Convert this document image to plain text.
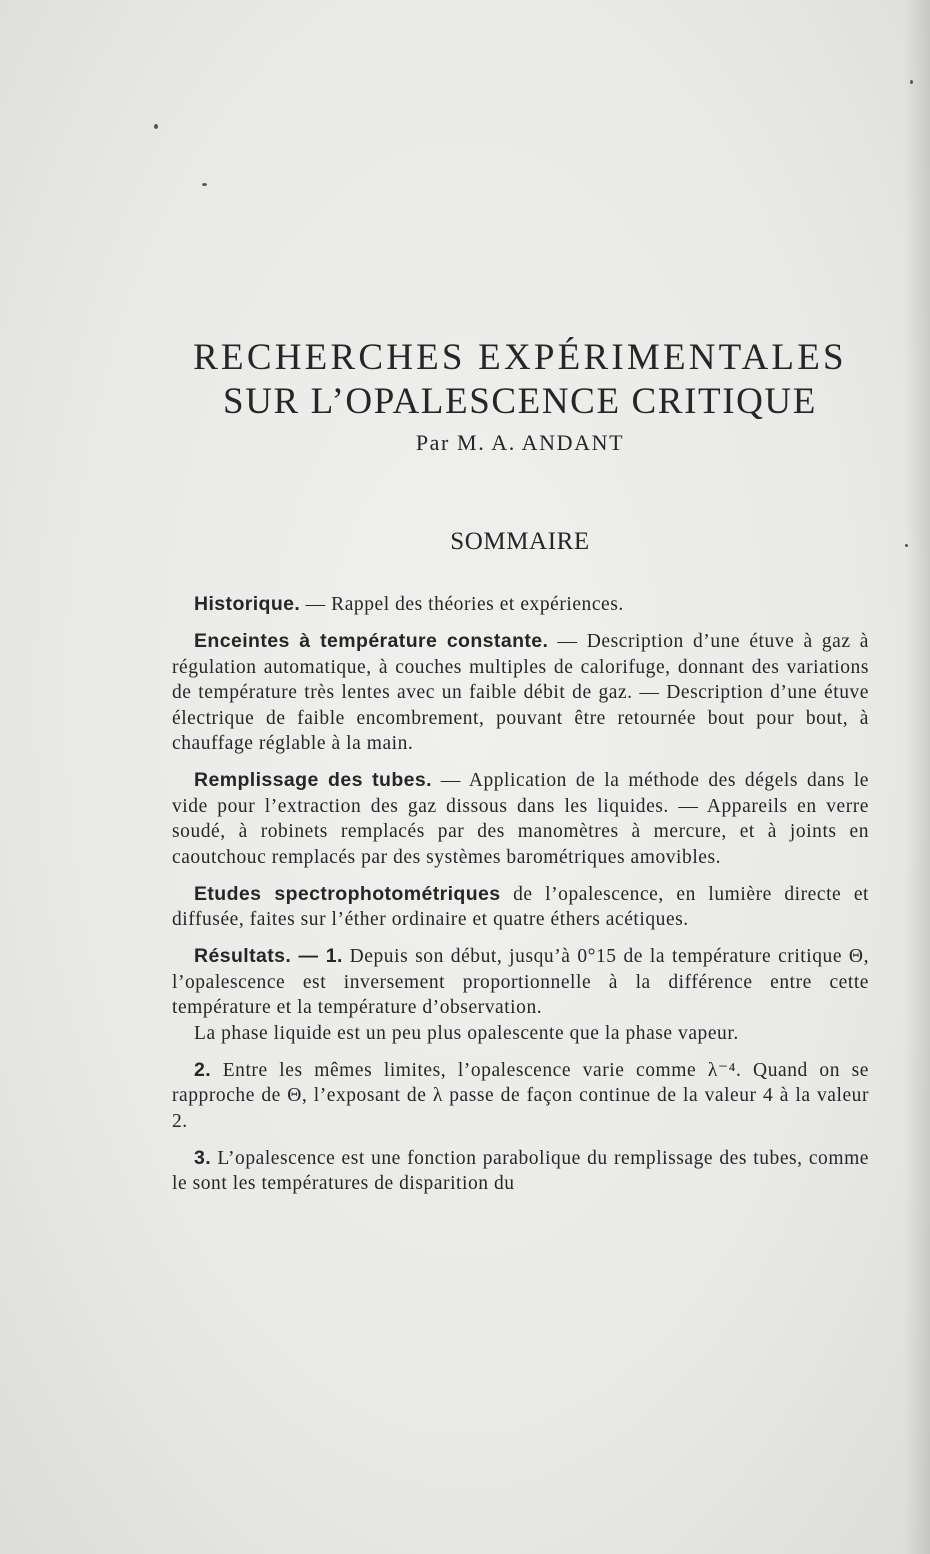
RECHERCHES EXPÉRIMENTALES
SUR L’OPALESCENCE CRITIQUE
Par M. A. ANDANT
SOMMAIRE

Historique. — Rappel des théories et expériences.

Enceintes à température constante. — Description d’une étuve à gaz à régulation automatique, à couches multiples de calorifuge, donnant des variations de température très lentes avec un faible débit de gaz. — Description d’une étuve électrique de faible encombrement, pouvant être retournée bout pour bout, à chauffage réglable à la main.

Remplissage des tubes. — Application de la méthode des dégels dans le vide pour l’extraction des gaz dissous dans les liquides. — Appareils en verre soudé, à robinets remplacés par des manomètres à mercure, et à joints en caoutchouc remplacés par des systèmes barométriques amovibles.

Etudes spectrophotométriques de l’opalescence, en lumière directe et diffusée, faites sur l’éther ordinaire et quatre éthers acétiques.

Résultats. — 1. Depuis son début, jusqu’à 0°15 de la température critique Θ, l’opalescence est inversement proportionnelle à la différence entre cette température et la température d’observation.

La phase liquide est un peu plus opalescente que la phase vapeur.

2. Entre les mêmes limites, l’opalescence varie comme λ⁻⁴. Quand on se rapproche de Θ, l’exposant de λ passe de façon continue de la valeur 4 à la valeur 2.

3. L’opalescence est une fonction parabolique du remplissage des tubes, comme le sont les températures de disparition du
